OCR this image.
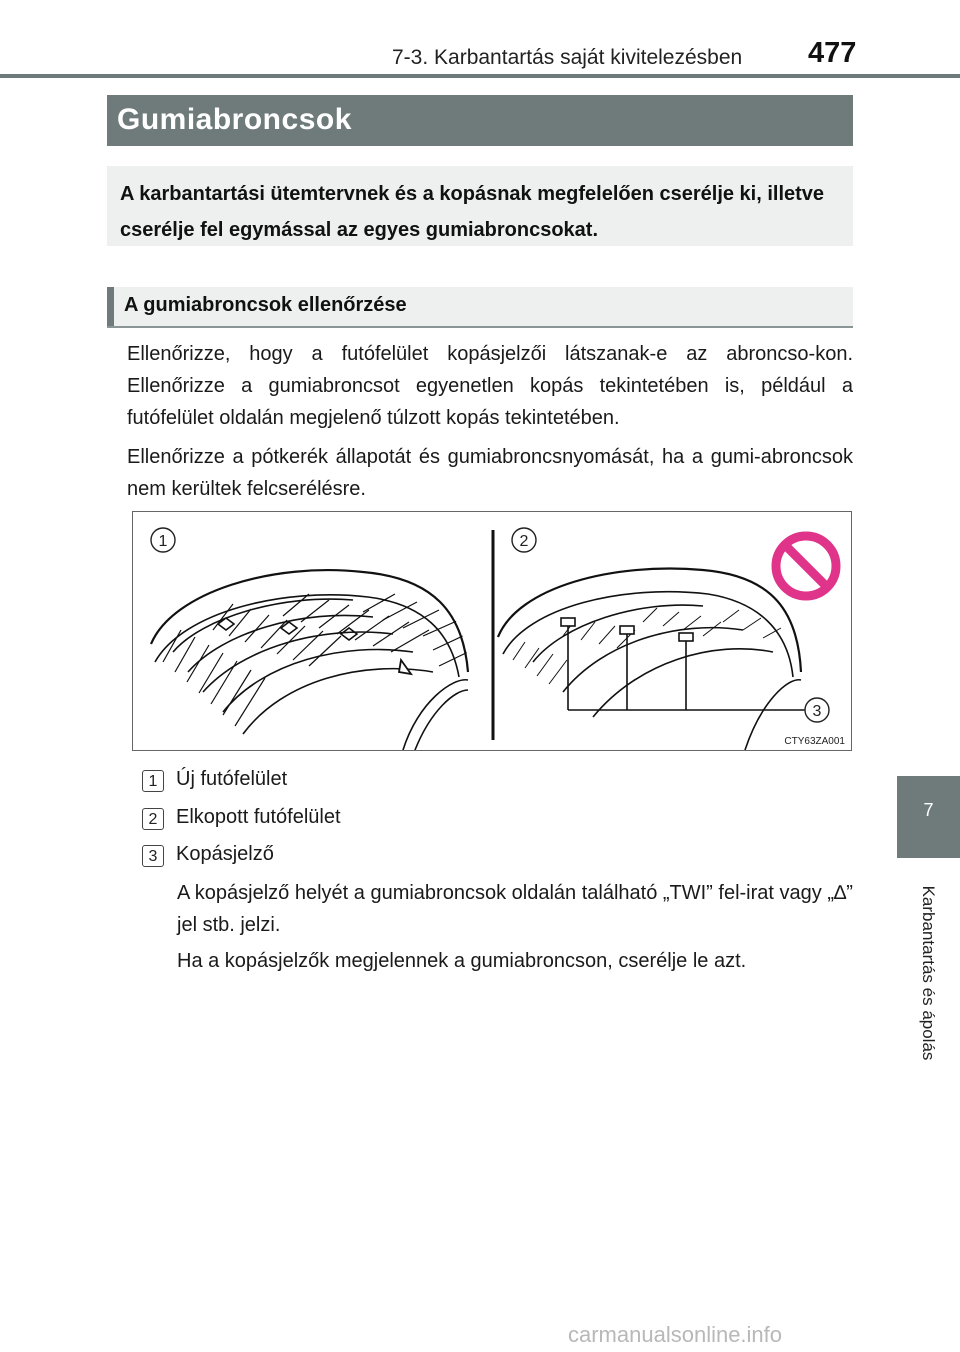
7-3. Karbantartás saját kivitelezésben 477
Gumiabroncsok

A karbantartási ütemtervnek és a kopásnak megfelelően cserélje ki, illetve cserélje fel egymással az egyes gumiabroncsokat.

A gumiabroncsok ellenőrzése

Ellenőrizze, hogy a futófelület kopásjelzői látszanak-e az abroncso-kon. Ellenőrizze a gumiabroncsot egyenetlen kopás tekintetében is, például a futófelület oldalán megjelenő túlzott kopás tekintetében.

Ellenőrizze a pótkerék állapotát és gumiabroncsnyomását, ha a gumi-abroncsok nem kerültek felcserélésre.

1	2
3
CTY63ZA001
1 Új futófelület
2 Elkopott futófelület
3 Kopásjelző

A kopásjelző helyét a gumiabroncsok oldalán található „TWI” fel-irat vagy „∆” jel stb. jelzi.

Ha a kopásjelzők megjelennek a gumiabroncson, cserélje le azt.

7
Karbantartás és ápolás
carmanualsonline.info
